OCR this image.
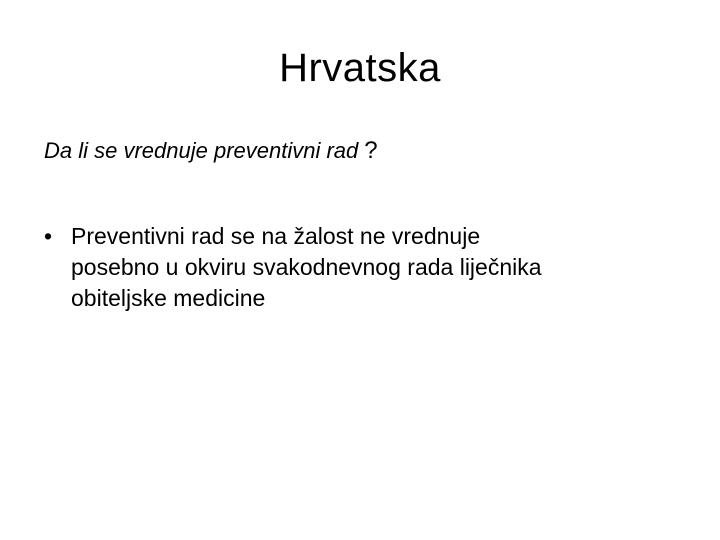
Hrvatska
Da li se vrednuje preventivni rad ?
• Preventivni rad se na žalost ne vrednuje
posebno u okviru svakodnevnog rada liječnika
obiteljske medicine
